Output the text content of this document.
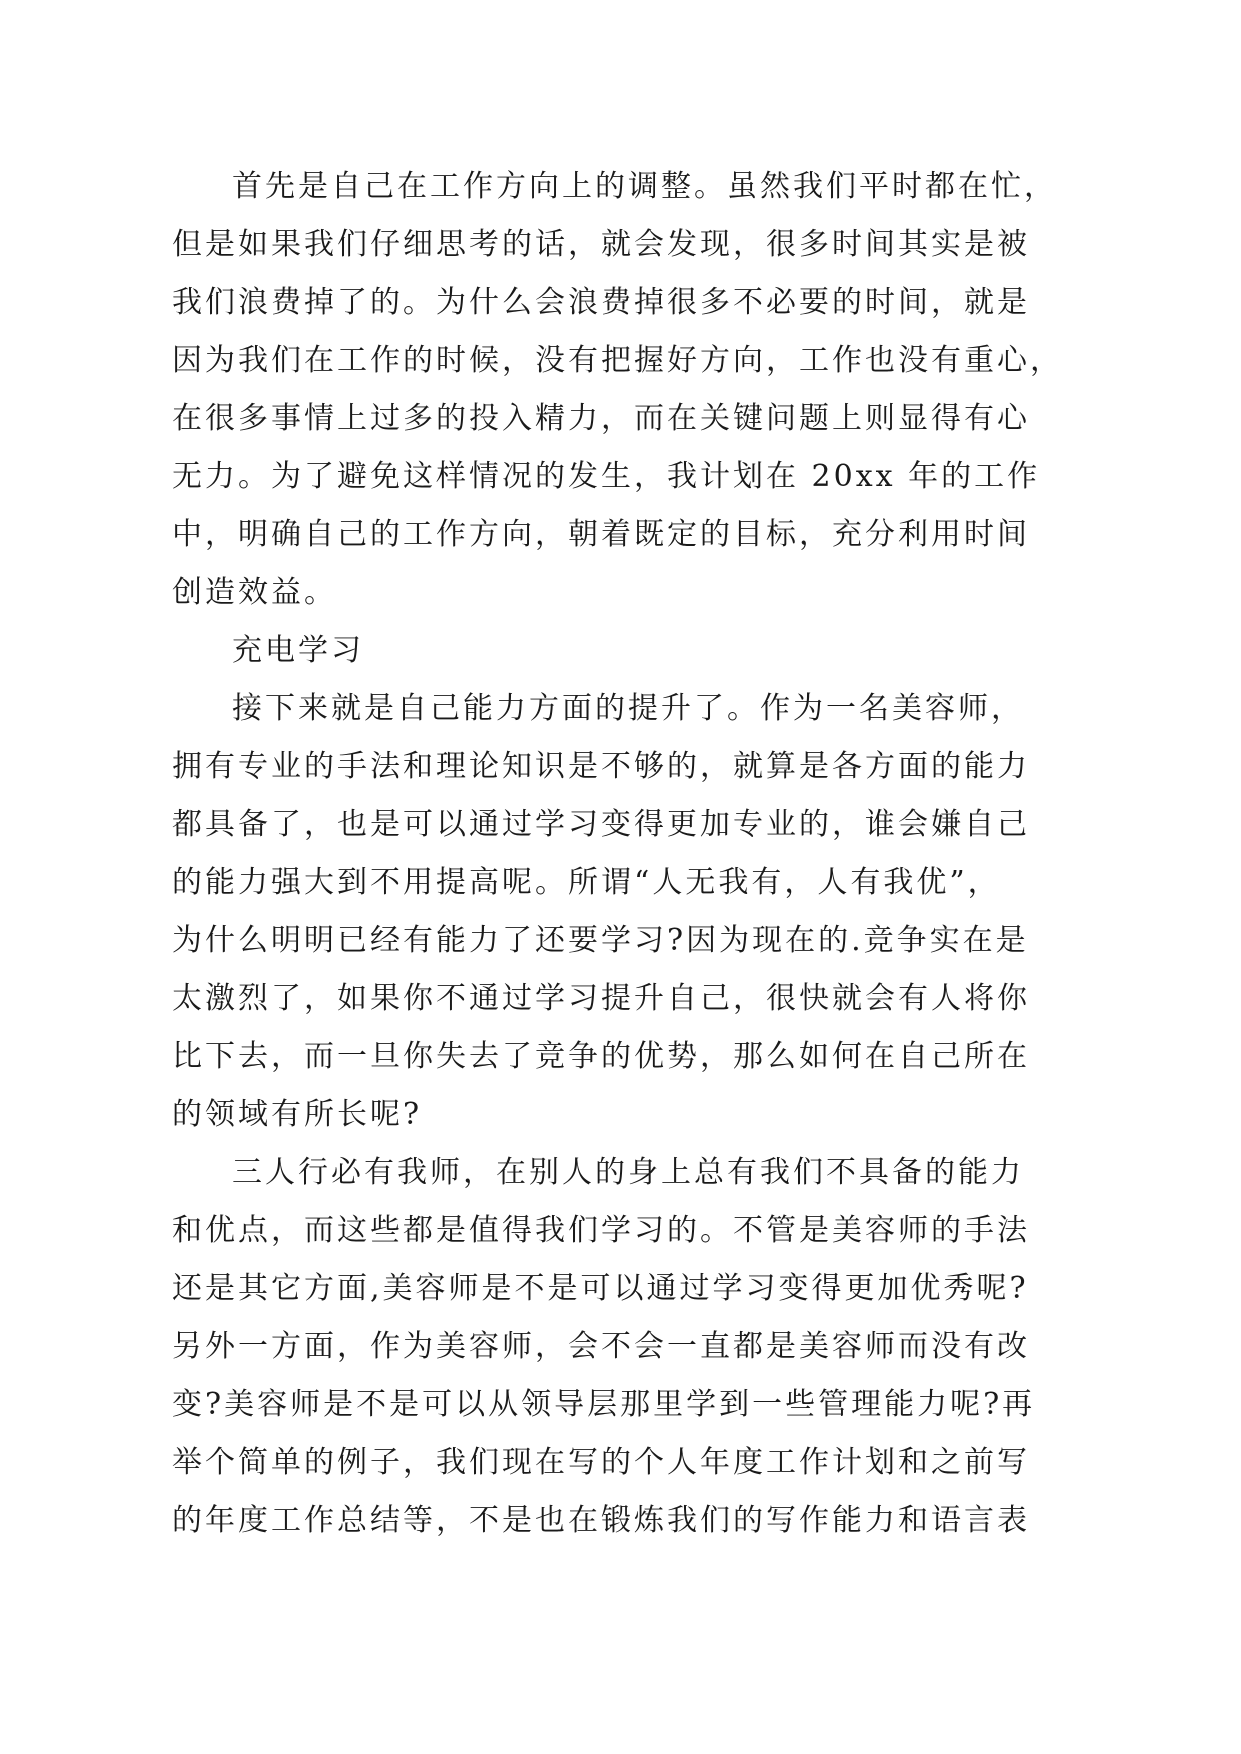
首先是自己在工作方向上的调整。虽然我们平时都在忙，
但是如果我们仔细思考的话，就会发现，很多时间其实是被
我们浪费掉了的。为什么会浪费掉很多不必要的时间，就是
因为我们在工作的时候，没有把握好方向，工作也没有重心，
在很多事情上过多的投入精力，而在关键问题上则显得有心
无力。为了避免这样情况的发生，我计划在 20xx 年的工作
中，明确自己的工作方向，朝着既定的目标，充分利用时间
创造效益。
充电学习
接下来就是自己能力方面的提升了。作为一名美容师，
拥有专业的手法和理论知识是不够的，就算是各方面的能力
都具备了，也是可以通过学习变得更加专业的，谁会嫌自己
的能力强大到不用提高呢。所谓“人无我有，人有我优”，
为什么明明已经有能力了还要学习?因为现在的.竞争实在是
太激烈了，如果你不通过学习提升自己，很快就会有人将你
比下去，而一旦你失去了竞争的优势，那么如何在自己所在
的领域有所长呢?
三人行必有我师，在别人的身上总有我们不具备的能力
和优点，而这些都是值得我们学习的。不管是美容师的手法
还是其它方面,美容师是不是可以通过学习变得更加优秀呢?
另外一方面，作为美容师，会不会一直都是美容师而没有改
变?美容师是不是可以从领导层那里学到一些管理能力呢?再
举个简单的例子，我们现在写的个人年度工作计划和之前写
的年度工作总结等，不是也在锻炼我们的写作能力和语言表
